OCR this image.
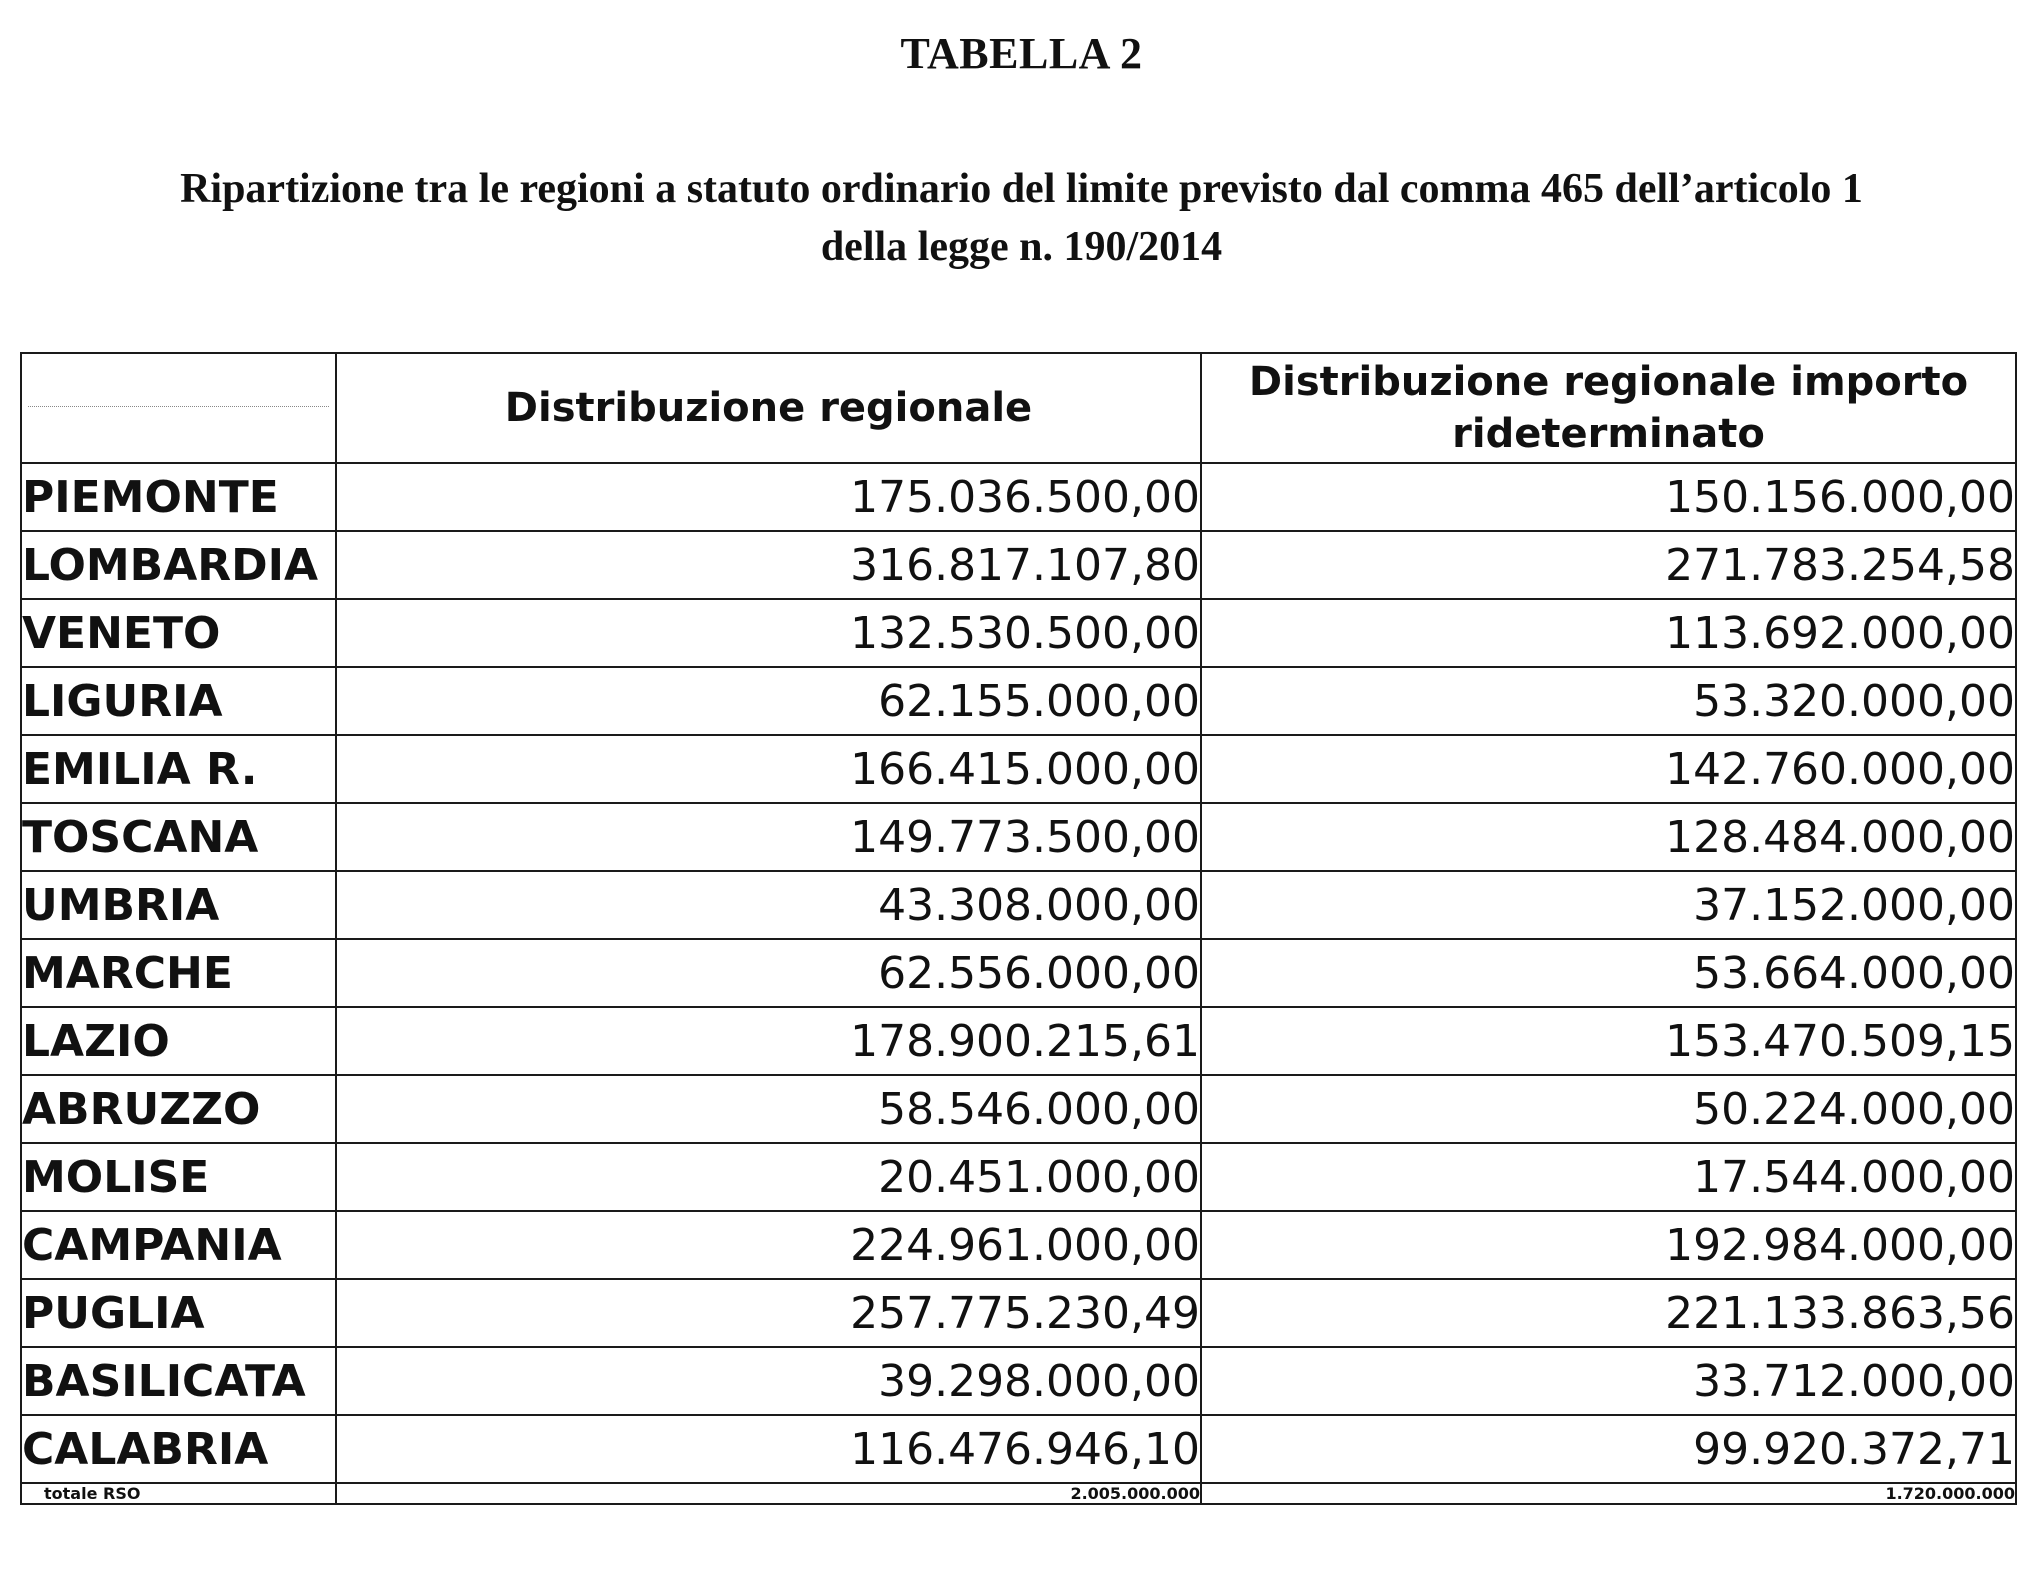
TABELLA 2
Ripartizione tra le regioni a statuto ordinario del limite previsto dal comma 465 dell’articolo 1
della legge n. 190/2014
	Distribuzione regionale	Distribuzione regionale importo rideterminato
PIEMONTE	175.036.500,00	150.156.000,00
LOMBARDIA	316.817.107,80	271.783.254,58
VENETO	132.530.500,00	113.692.000,00
LIGURIA	62.155.000,00	53.320.000,00
EMILIA R.	166.415.000,00	142.760.000,00
TOSCANA	149.773.500,00	128.484.000,00
UMBRIA	43.308.000,00	37.152.000,00
MARCHE	62.556.000,00	53.664.000,00
LAZIO	178.900.215,61	153.470.509,15
ABRUZZO	58.546.000,00	50.224.000,00
MOLISE	20.451.000,00	17.544.000,00
CAMPANIA	224.961.000,00	192.984.000,00
PUGLIA	257.775.230,49	221.133.863,56
BASILICATA	39.298.000,00	33.712.000,00
CALABRIA	116.476.946,10	99.920.372,71
totale RSO	2.005.000.000	1.720.000.000
